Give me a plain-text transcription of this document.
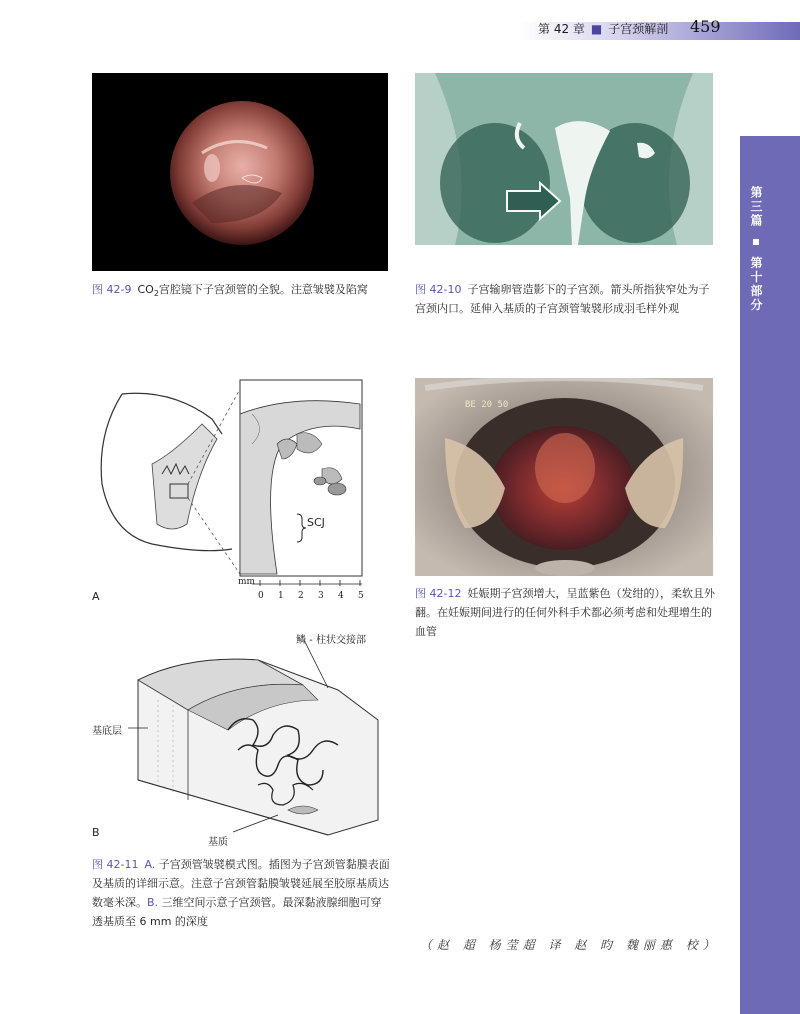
第 42 章 ■ 子宫颈解剖 459
第三篇 ▪ 第十部分
图 42-9 $CO_2$宫腔镜下子宫颈管的全貌。注意皱襞及陷窝	图 42-10 子宫输卵管造影下的子宫颈。箭头所指狭窄处为子宫颈内口。延伸入基质的子宫颈管皱襞形成羽毛样外观
SCJ
mm
0 1 2 3 4 5
A
鳞 - 柱状交接部
基底层
基质
B
图 42-11 A. 子宫颈管皱襞模式图。插图为子宫颈管黏膜表面及基质的详细示意。注意子宫颈管黏膜皱襞延展至胶原基质达数毫米深。B. 三维空间示意子宫颈管。最深黏液腺细胞可穿透基质至 6 mm 的深度
BE 20 50
图 42-12 妊娠期子宫颈增大，呈蓝紫色（发绀的），柔软且外翻。在妊娠期间进行的任何外科手术都必须考虑和处理增生的血管
（赵 超 杨莹超 译 赵 昀 魏丽惠 校）
